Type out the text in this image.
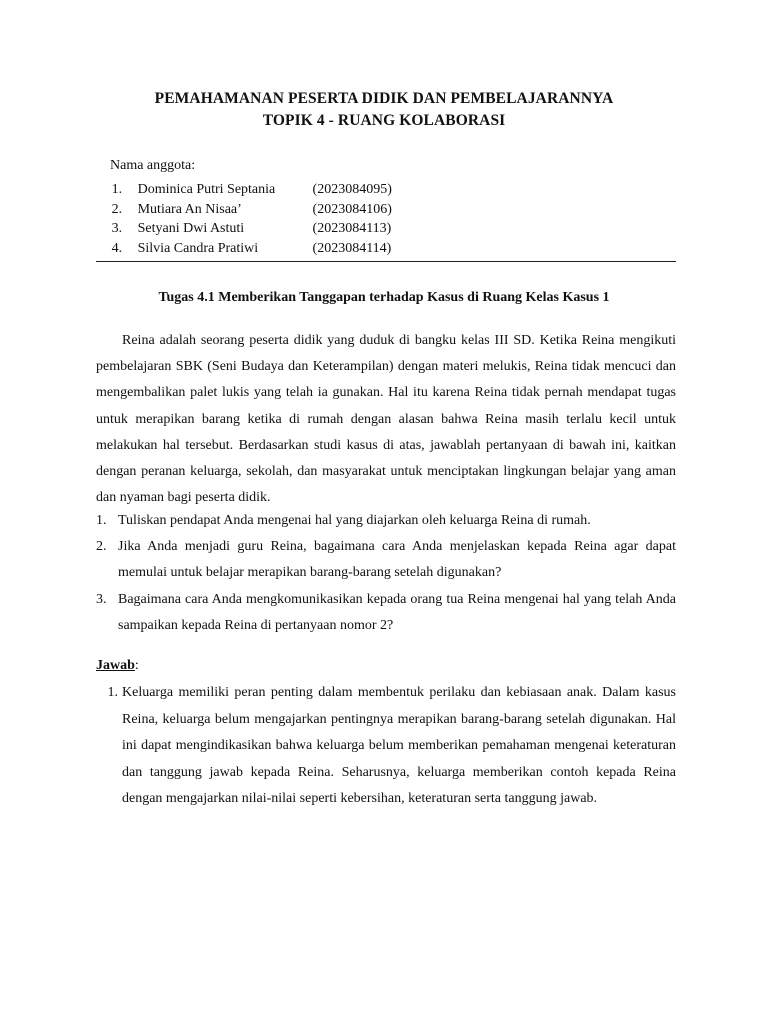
PEMAHAMANAN PESERTA DIDIK DAN PEMBELAJARANNYA
TOPIK 4 - RUANG KOLABORASI
Nama anggota:
1.	Dominica Putri Septania	(2023084095)
2.	Mutiara An Nisaa’	(2023084106)
3.	Setyani Dwi Astuti	(2023084113)
4.	Silvia Candra Pratiwi	(2023084114)
Tugas 4.1 Memberikan Tanggapan terhadap Kasus di Ruang Kelas Kasus 1

Reina adalah seorang peserta didik yang duduk di bangku kelas III SD. Ketika Reina mengikuti pembelajaran SBK (Seni Budaya dan Keterampilan) dengan materi melukis, Reina tidak mencuci dan mengembalikan palet lukis yang telah ia gunakan. Hal itu karena Reina tidak pernah mendapat tugas untuk merapikan barang ketika di rumah dengan alasan bahwa Reina masih terlalu kecil untuk melakukan hal tersebut. Berdasarkan studi kasus di atas, jawablah pertanyaan di bawah ini, kaitkan dengan peranan keluarga, sekolah, dan masyarakat untuk menciptakan lingkungan belajar yang aman dan nyaman bagi peserta didik.

1. Tuliskan pendapat Anda mengenai hal yang diajarkan oleh keluarga Reina di rumah.
2. Jika Anda menjadi guru Reina, bagaimana cara Anda menjelaskan kepada Reina agar dapat memulai untuk belajar merapikan barang-barang setelah digunakan?
3. Bagaimana cara Anda mengkomunikasikan kepada orang tua Reina mengenai hal yang telah Anda sampaikan kepada Reina di pertanyaan nomor 2?
Jawab:
1. Keluarga memiliki peran penting dalam membentuk perilaku dan kebiasaan anak. Dalam kasus Reina, keluarga belum mengajarkan pentingnya merapikan barang-barang setelah digunakan. Hal ini dapat mengindikasikan bahwa keluarga belum memberikan pemahaman mengenai keteraturan dan tanggung jawab kepada Reina. Seharusnya, keluarga memberikan contoh kepada Reina dengan mengajarkan nilai-nilai seperti kebersihan, keteraturan serta tanggung jawab.
